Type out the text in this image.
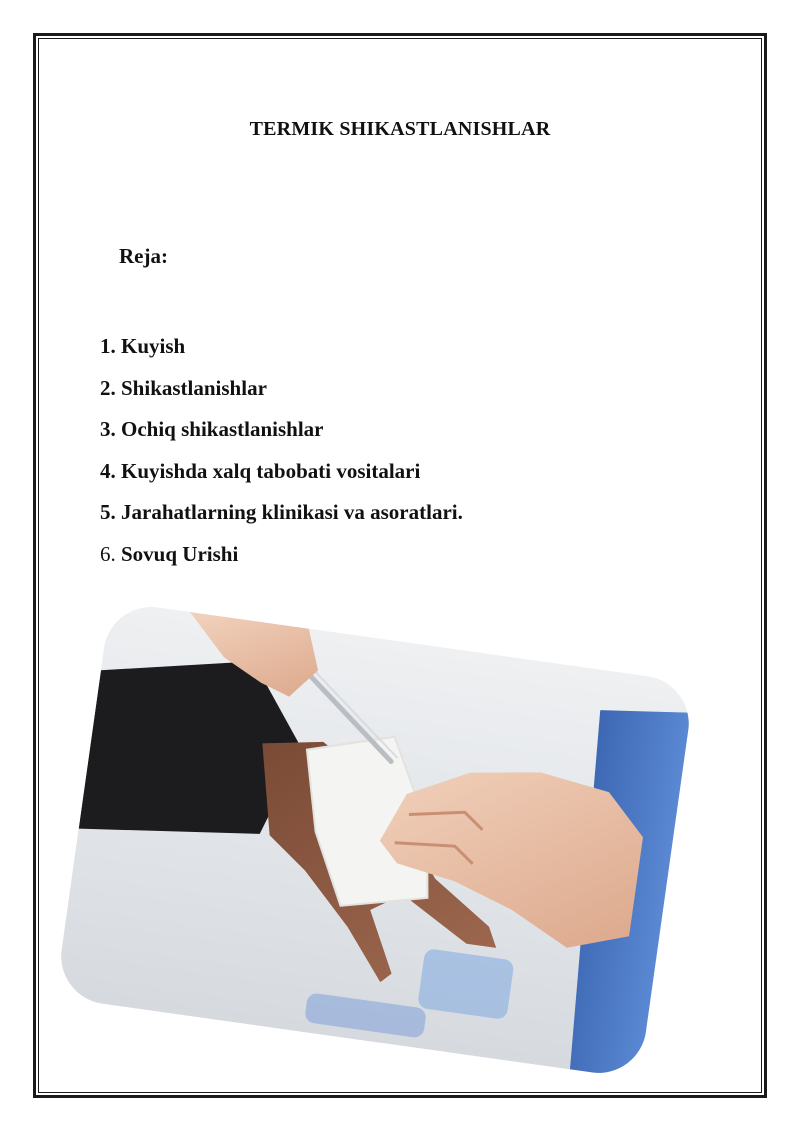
TERMIK SHIKASTLANISHLAR
Reja:
1. Kuyish
2. Shikastlanishlar
3. Ochiq shikastlanishlar
4. Kuyishda xalq tabobati vositalari
5. Jarahatlarning klinikasi va asoratlari.
6. Sovuq Urishi
